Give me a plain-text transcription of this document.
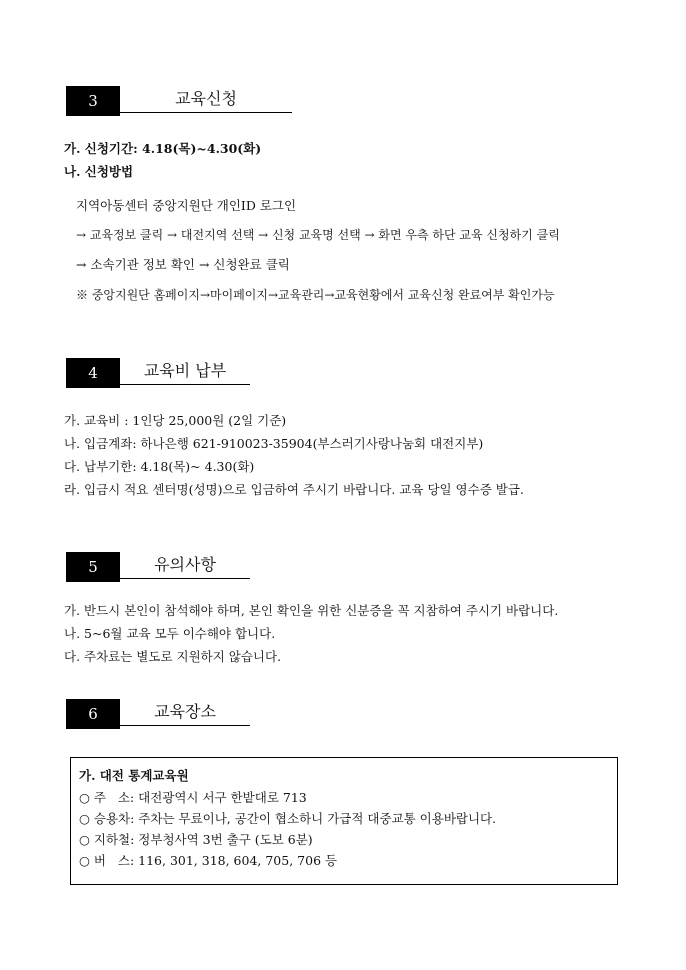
3	교육신청
가. 신청기간: 4.18(목)~4.30(화)
나. 신청방법
지역아동센터 중앙지원단 개인ID 로그인
→ 교육정보 클릭 → 대전지역 선택 → 신청 교육명 선택 → 화면 우측 하단 교육 신청하기 클릭
→ 소속기관 정보 확인 → 신청완료 클릭
※ 중앙지원단 홈페이지→마이페이지→교육관리→교육현황에서 교육신청 완료여부 확인가능
4	교육비 납부
가. 교육비 : 1인당 25,000원 (2일 기준)
나. 입금계좌: 하나은행 621-910023-35904(부스러기사랑나눔회 대전지부)
다. 납부기한: 4.18(목)~ 4.30(화)
라. 입금시 적요 센터명(성명)으로 입금하여 주시기 바랍니다. 교육 당일 영수증 발급.
5	유의사항
가. 반드시 본인이 참석해야 하며, 본인 확인을 위한 신분증을 꼭 지참하여 주시기 바랍니다.
나. 5~6월 교육 모두 이수해야 합니다.
다. 주차료는 별도로 지원하지 않습니다.
6	교육장소
가. 대전 통계교육원
○ 주   소: 대전광역시 서구 한밭대로 713
○ 승용차: 주차는 무료이나, 공간이 협소하니 가급적 대중교통 이용바랍니다.
○ 지하철: 정부청사역 3번 출구 (도보 6분)
○ 버   스: 116, 301, 318, 604, 705, 706 등
